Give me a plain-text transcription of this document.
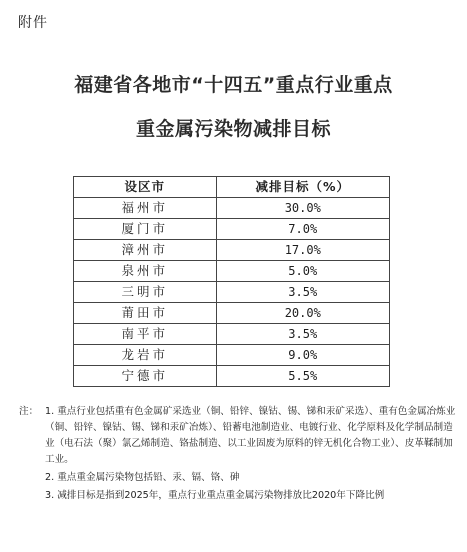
附件
福建省各地市“十四五”重点行业重点
重金属污染物减排目标
设区市	减排目标（%）
福州市	30.0%
厦门市	7.0%
漳州市	17.0%
泉州市	5.0%
三明市	3.5%
莆田市	20.0%
南平市	3.5%
龙岩市	9.0%
宁德市	5.5%
注： 1. 重点行业包括重有色金属矿采选业（铜、铅锌、镍钴、锡、锑和汞矿采选）、重有色金属冶炼业（铜、铅锌、镍钴、锡、锑和汞矿冶炼）、铅蓄电池制造业、电镀行业、化学原料及化学制品制造业（电石法（聚）氯乙烯制造、铬盐制造、以工业固废为原料的锌无机化合物工业）、皮革鞣制加工业。
2. 重点重金属污染物包括铅、汞、镉、铬、砷
3. 减排目标是指到2025年，重点行业重点重金属污染物排放比2020年下降比例
